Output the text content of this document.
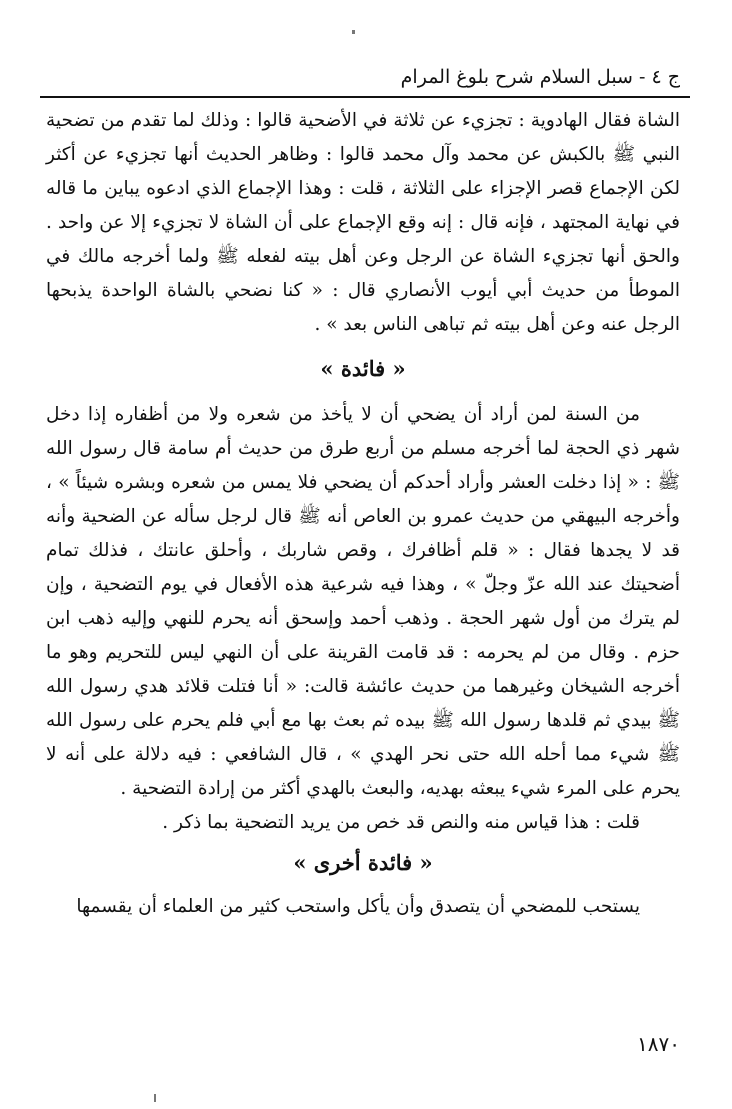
ج ٤ - سبل السلام شرح بلوغ المرام

الشاة فقال الهادوية : تجزيء عن ثلاثة في الأضحية قالوا : وذلك لما تقدم من تضحية النبي ﷺ بالكبش عن محمد وآل محمد قالوا : وظاهر الحديث أنها تجزيء عن أكثر لكن الإجماع قصر الإجزاء على الثلاثة ، قلت : وهذا الإجماع الذي ادعوه يباين ما قاله في نهاية المجتهد ، فإنه قال : إنه وقع الإجماع على أن الشاة لا تجزيء إلا عن واحد . والحق أنها تجزيء الشاة عن الرجل وعن أهل بيته لفعله ﷺ ولما أخرجه مالك في الموطأ من حديث أبي أيوب الأنصاري قال : « كنا نضحي بالشاة الواحدة يذبحها الرجل عنه وعن أهل بيته ثم تباهى الناس بعد » .

« فائدة »

من السنة لمن أراد أن يضحي أن لا يأخذ من شعره ولا من أظفاره إذا دخل شهر ذي الحجة لما أخرجه مسلم من أربع طرق من حديث أم سامة قال رسول الله ﷺ : « إذا دخلت العشر وأراد أحدكم أن يضحي فلا يمس من شعره وبشره شيئاً » ، وأخرجه البيهقي من حديث عمرو بن العاص أنه ﷺ قال لرجل سأله عن الضحية وأنه قد لا يجدها فقال : « قلم أظافرك ، وقص شاربك ، وأحلق عانتك ، فذلك تمام أضحيتك عند الله عزّ وجلّ » ، وهذا فيه شرعية هذه الأفعال في يوم التضحية ، وإن لم يترك من أول شهر الحجة . وذهب أحمد وإسحق أنه يحرم للنهي وإليه ذهب ابن حزم . وقال من لم يحرمه : قد قامت القرينة على أن النهي ليس للتحريم وهو ما أخرجه الشيخان وغيرهما من حديث عائشة قالت: « أنا فتلت قلائد هدي رسول الله ﷺ بيدي ثم قلدها رسول الله ﷺ بيده ثم بعث بها مع أبي فلم يحرم على رسول الله ﷺ شيء مما أحله الله حتى نحر الهدي » ، قال الشافعي : فيه دلالة على أنه لا يحرم على المرء شيء يبعثه بهديه، والبعث بالهدي أكثر من إرادة التضحية .

قلت : هذا قياس منه والنص قد خص من يريد التضحية بما ذكر .

« فائدة أخرى »

يستحب للمضحي أن يتصدق وأن يأكل واستحب كثير من العلماء أن يقسمها

١٨٧٠
